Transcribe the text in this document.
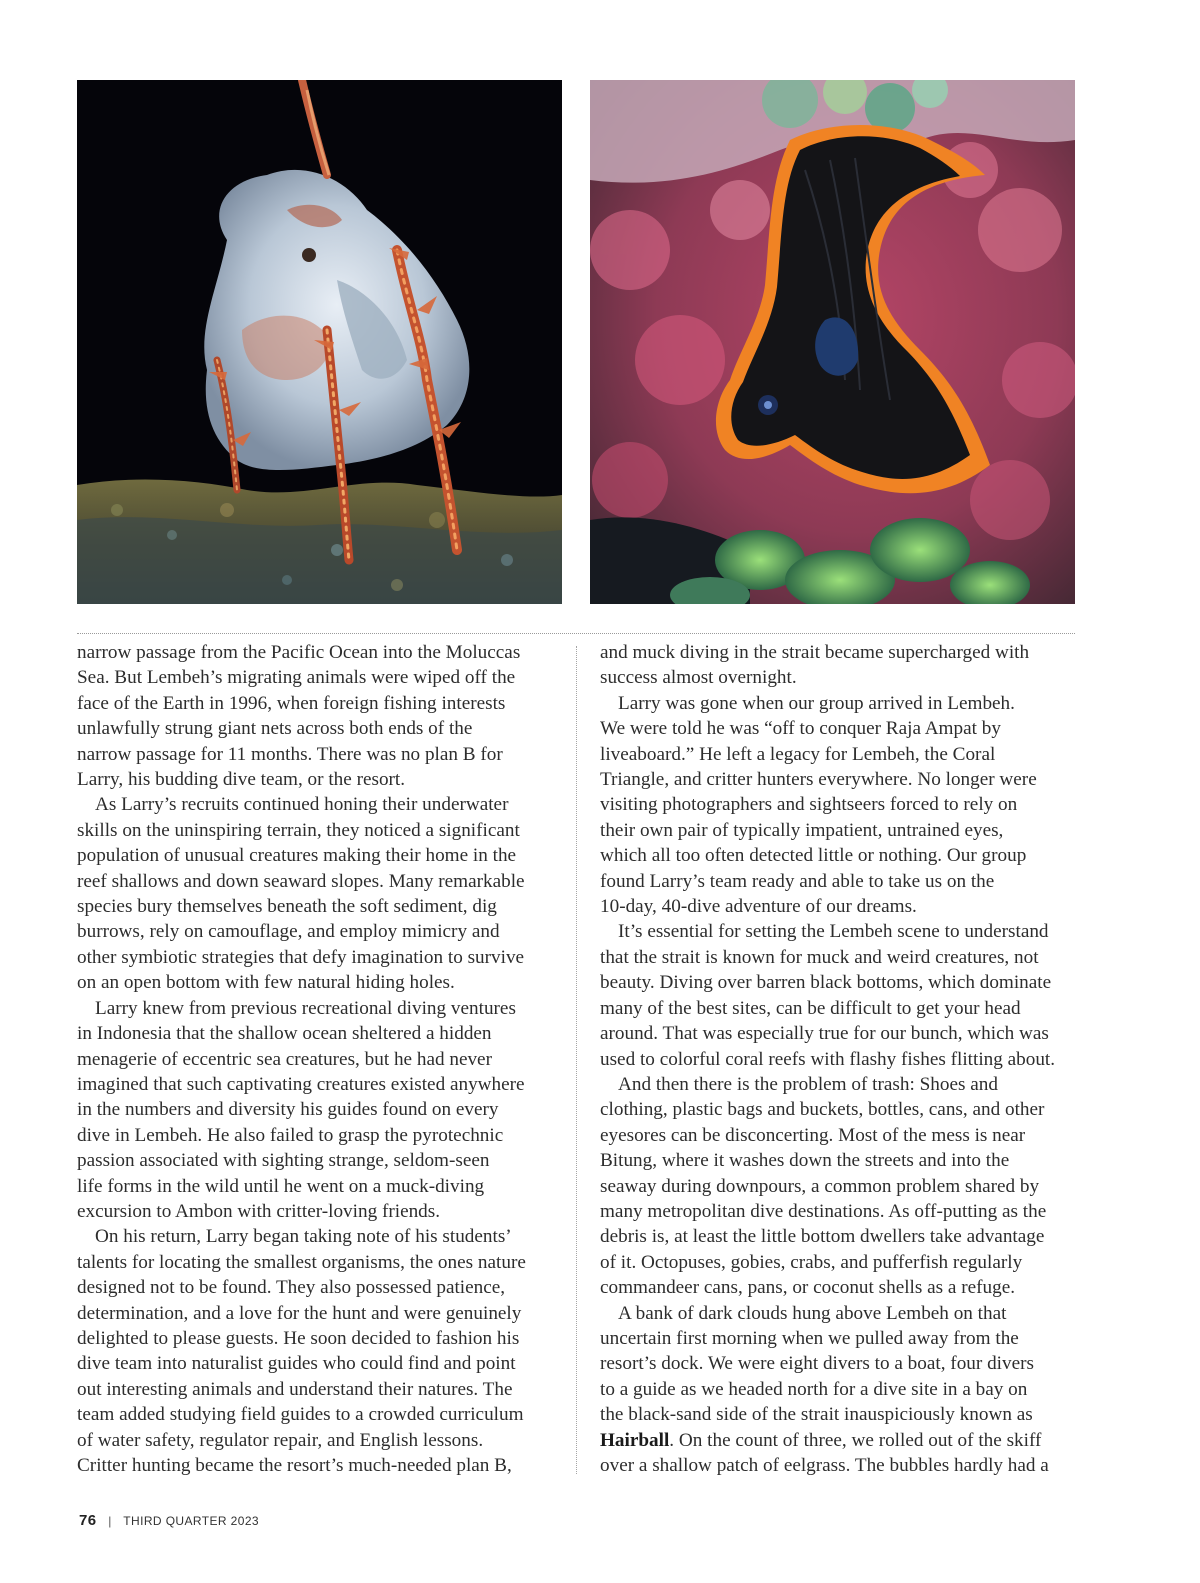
narrow passage from the Pacific Ocean into the Moluccas
Sea. But Lembeh’s migrating animals were wiped off the
face of the Earth in 1996, when foreign fishing interests
unlawfully strung giant nets across both ends of the
narrow passage for 11 months. There was no plan B for
Larry, his budding dive team, or the resort.

As Larry’s recruits continued honing their underwater
skills on the uninspiring terrain, they noticed a significant
population of unusual creatures making their home in the
reef shallows and down seaward slopes. Many remarkable
species bury themselves beneath the soft sediment, dig
burrows, rely on camouflage, and employ mimicry and
other symbiotic strategies that defy imagination to survive
on an open bottom with few natural hiding holes.

Larry knew from previous recreational diving ventures
in Indonesia that the shallow ocean sheltered a hidden
menagerie of eccentric sea creatures, but he had never
imagined that such captivating creatures existed anywhere
in the numbers and diversity his guides found on every
dive in Lembeh. He also failed to grasp the pyrotechnic
passion associated with sighting strange, seldom-seen
life forms in the wild until he went on a muck-diving
excursion to Ambon with critter-loving friends.

On his return, Larry began taking note of his students’
talents for locating the smallest organisms, the ones nature
designed not to be found. They also possessed patience,
determination, and a love for the hunt and were genuinely
delighted to please guests. He soon decided to fashion his
dive team into naturalist guides who could find and point
out interesting animals and understand their natures. The
team added studying field guides to a crowded curriculum
of water safety, regulator repair, and English lessons.
Critter hunting became the resort’s much-needed plan B,

and muck diving in the strait became supercharged with
success almost overnight.

Larry was gone when our group arrived in Lembeh.
We were told he was “off to conquer Raja Ampat by
liveaboard.” He left a legacy for Lembeh, the Coral
Triangle, and critter hunters everywhere. No longer were
visiting photographers and sightseers forced to rely on
their own pair of typically impatient, untrained eyes,
which all too often detected little or nothing. Our group
found Larry’s team ready and able to take us on the
10-day, 40-dive adventure of our dreams.

It’s essential for setting the Lembeh scene to understand
that the strait is known for muck and weird creatures, not
beauty. Diving over barren black bottoms, which dominate
many of the best sites, can be difficult to get your head
around. That was especially true for our bunch, which was
used to colorful coral reefs with flashy fishes flitting about.

And then there is the problem of trash: Shoes and
clothing, plastic bags and buckets, bottles, cans, and other
eyesores can be disconcerting. Most of the mess is near
Bitung, where it washes down the streets and into the
seaway during downpours, a common problem shared by
many metropolitan dive destinations. As off-putting as the
debris is, at least the little bottom dwellers take advantage
of it. Octopuses, gobies, crabs, and pufferfish regularly
commandeer cans, pans, or coconut shells as a refuge.

A bank of dark clouds hung above Lembeh on that
uncertain first morning when we pulled away from the
resort’s dock. We were eight divers to a boat, four divers
to a guide as we headed north for a dive site in a bay on
the black-sand side of the strait inauspiciously known as
Hairball. On the count of three, we rolled out of the skiff
over a shallow patch of eelgrass. The bubbles hardly had a

76 | THIRD QUARTER 2023
